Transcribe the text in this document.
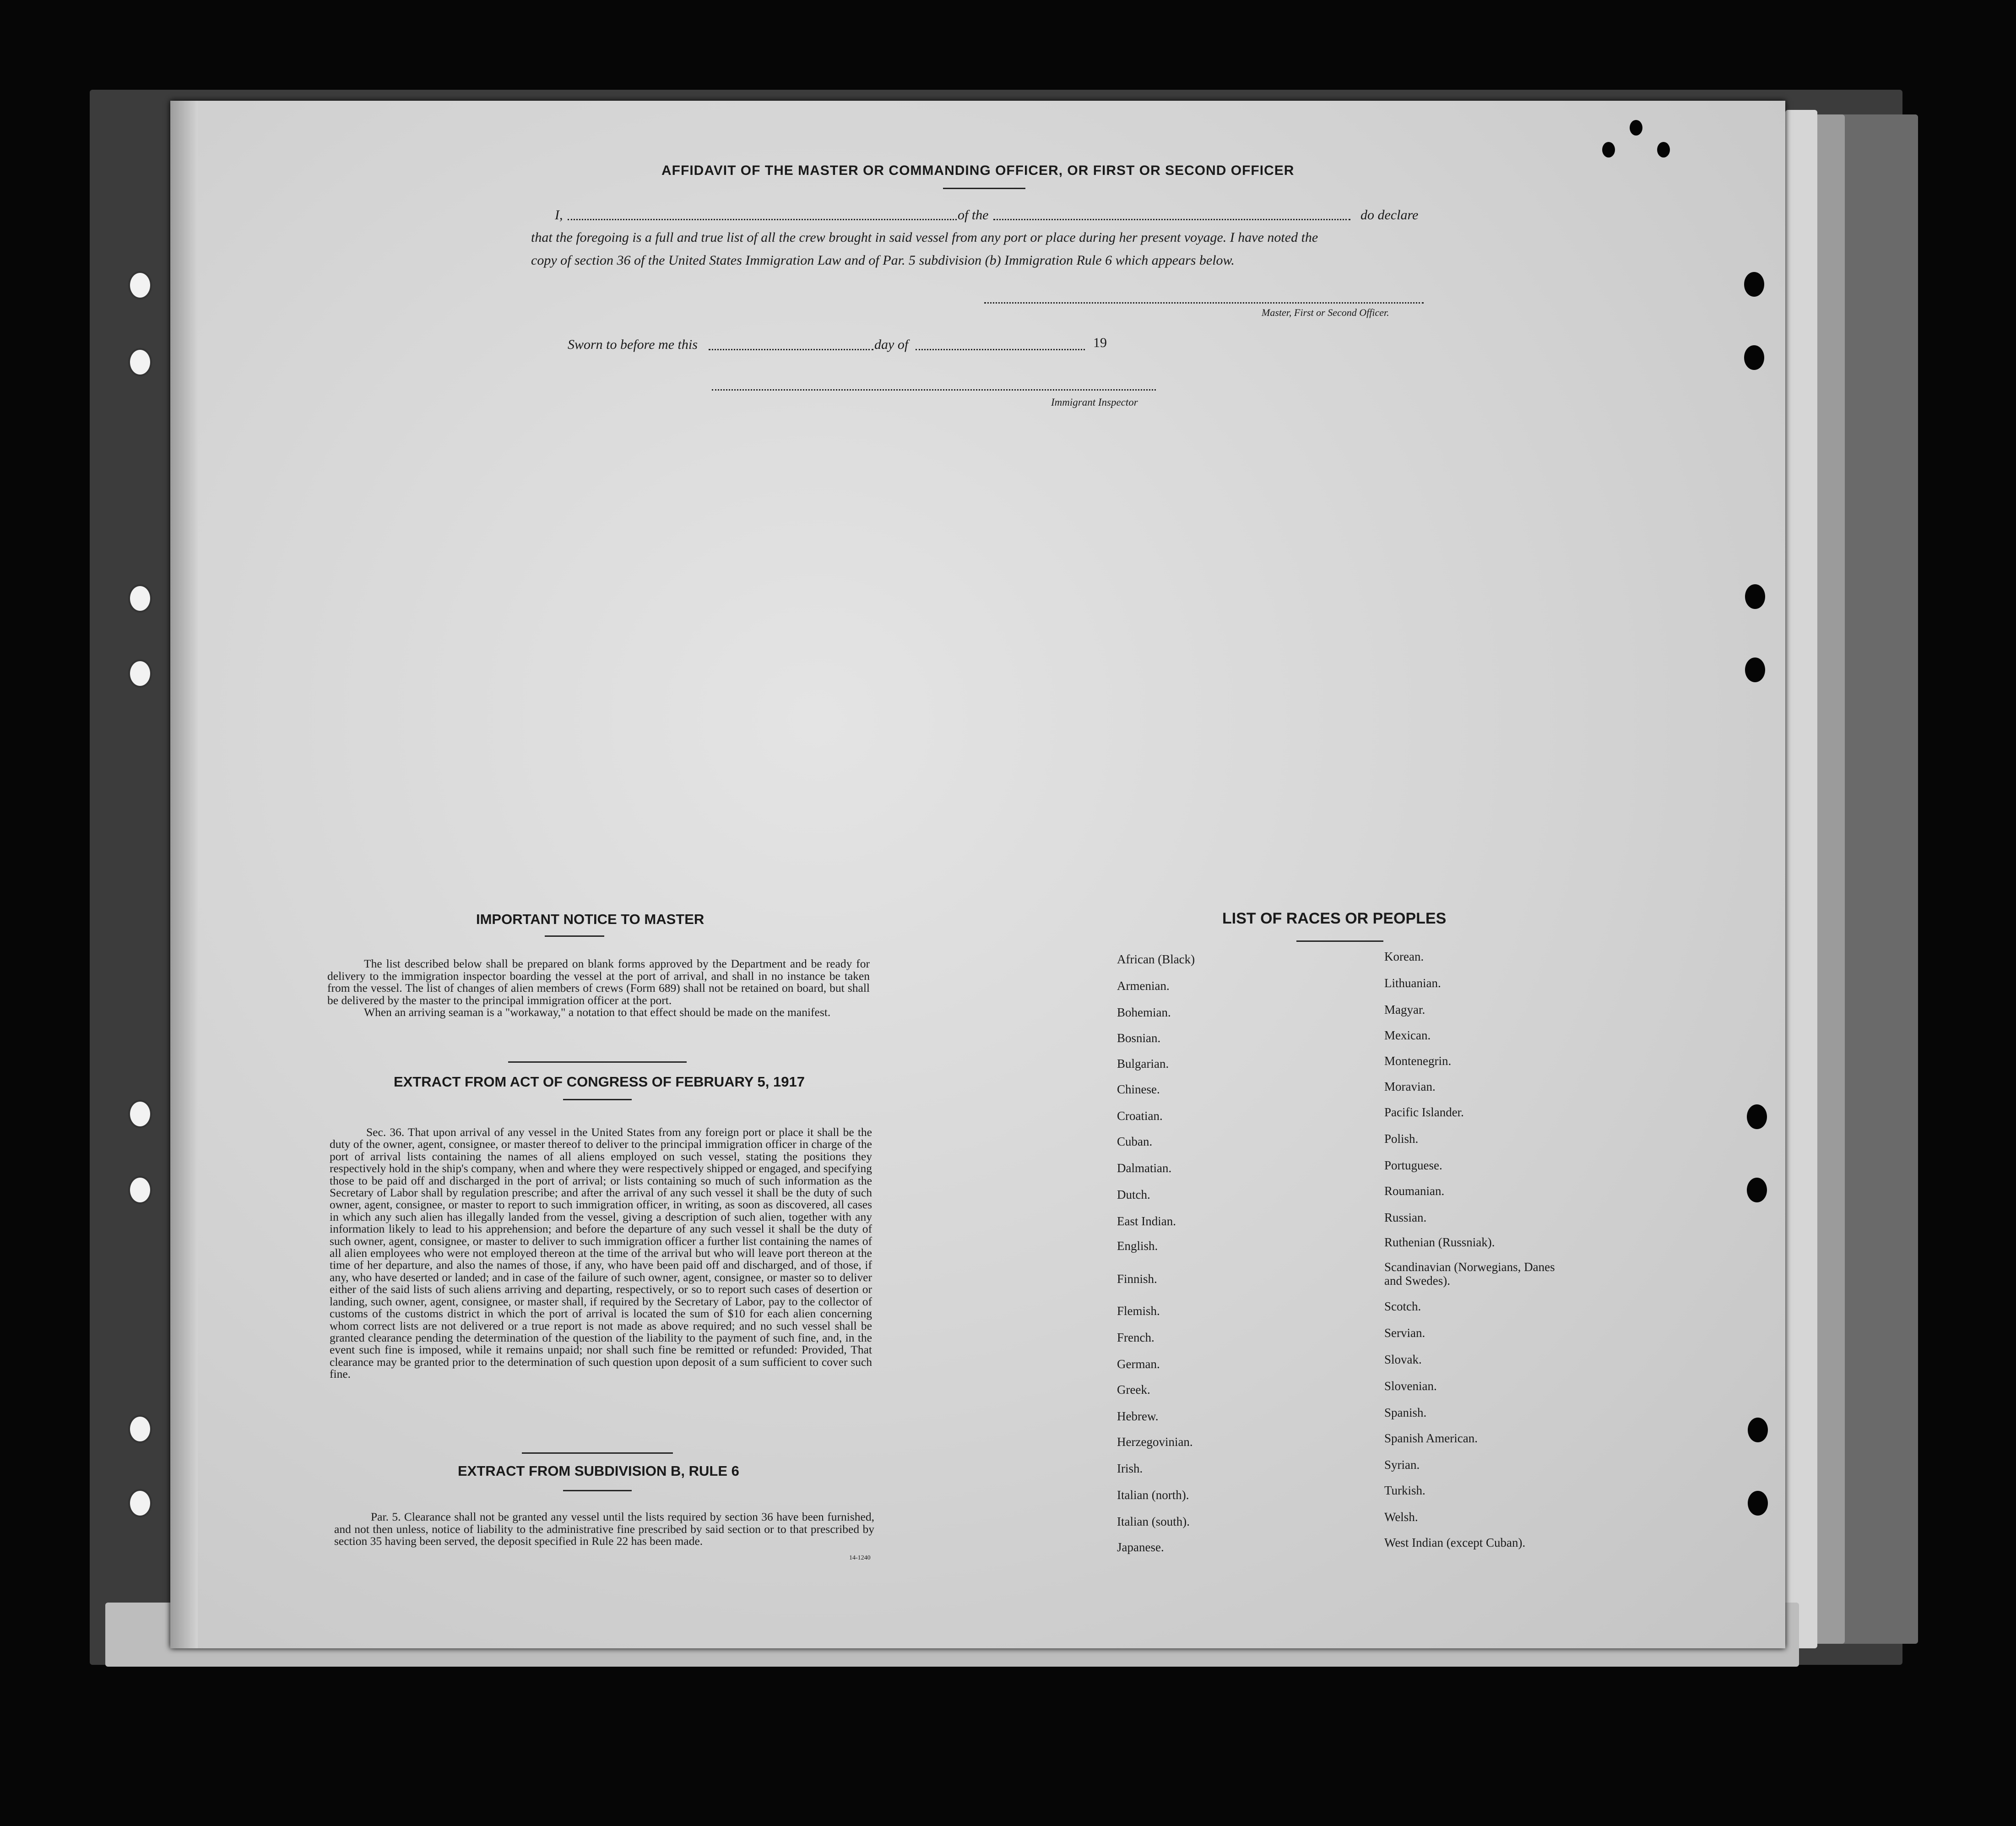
AFFIDAVIT OF THE MASTER OR COMMANDING OFFICER, OR FIRST OR SECOND OFFICER
I,	of the	do declare
that the foregoing is a full and true list of all the crew brought in said vessel from any port or place during her present voyage. I have noted the
copy of section 36 of the United States Immigration Law and of Par. 5 subdivision (b) Immigration Rule 6 which appears below.
Master, First or Second Officer.
Sworn to before me this	day of	19
Immigrant Inspector
IMPORTANT NOTICE TO MASTER

The list described below shall be prepared on blank forms approved by the Department and be ready for delivery to the immigration inspector boarding the vessel at the port of arrival, and shall in no instance be taken from the vessel. The list of changes of alien members of crews (Form 689) shall not be retained on board, but shall be delivered by the master to the principal immigration officer at the port.

When an arriving seaman is a "workaway," a notation to that effect should be made on the manifest.

EXTRACT FROM ACT OF CONGRESS OF FEBRUARY 5, 1917

Sec. 36. That upon arrival of any vessel in the United States from any foreign port or place it shall be the duty of the owner, agent, consignee, or master thereof to deliver to the principal immigration officer in charge of the port of arrival lists containing the names of all aliens employed on such vessel, stating the positions they respectively hold in the ship's company, when and where they were respectively shipped or engaged, and specifying those to be paid off and discharged in the port of arrival; or lists containing so much of such information as the Secretary of Labor shall by regulation prescribe; and after the arrival of any such vessel it shall be the duty of such owner, agent, consignee, or master to report to such immigration officer, in writing, as soon as discovered, all cases in which any such alien has illegally landed from the vessel, giving a description of such alien, together with any information likely to lead to his apprehension; and before the departure of any such vessel it shall be the duty of such owner, agent, consignee, or master to deliver to such immigration officer a further list containing the names of all alien employees who were not employed thereon at the time of the arrival but who will leave port thereon at the time of her departure, and also the names of those, if any, who have been paid off and discharged, and of those, if any, who have deserted or landed; and in case of the failure of such owner, agent, consignee, or master so to deliver either of the said lists of such aliens arriving and departing, respectively, or so to report such cases of desertion or landing, such owner, agent, consignee, or master shall, if required by the Secretary of Labor, pay to the collector of customs of the customs district in which the port of arrival is located the sum of $10 for each alien concerning whom correct lists are not delivered or a true report is not made as above required; and no such vessel shall be granted clearance pending the determination of the question of the liability to the payment of such fine, and, in the event such fine is imposed, while it remains unpaid; nor shall such fine be remitted or refunded: Provided, That clearance may be granted prior to the determination of such question upon deposit of a sum sufficient to cover such fine.

EXTRACT FROM SUBDIVISION B, RULE 6

Par. 5. Clearance shall not be granted any vessel until the lists required by section 36 have been furnished, and not then unless, notice of liability to the administrative fine prescribed by said section or to that prescribed by section 35 having been served, the deposit specified in Rule 22 has been made.

14-1240
LIST OF RACES OR PEOPLES
African (Black)
Armenian.
Bohemian.
Bosnian.
Bulgarian.
Chinese.
Croatian.
Cuban.
Dalmatian.
Dutch.
East Indian.
English.
Finnish.
Flemish.
French.
German.
Greek.
Hebrew.
Herzegovinian.
Irish.
Italian (north).
Italian (south).
Japanese.
Korean.
Lithuanian.
Magyar.
Mexican.
Montenegrin.
Moravian.
Pacific Islander.
Polish.
Portuguese.
Roumanian.
Russian.
Ruthenian (Russniak).
Scandinavian (Norwegians, Danes and Swedes).
Scotch.
Servian.
Slovak.
Slovenian.
Spanish.
Spanish American.
Syrian.
Turkish.
Welsh.
West Indian (except Cuban).
